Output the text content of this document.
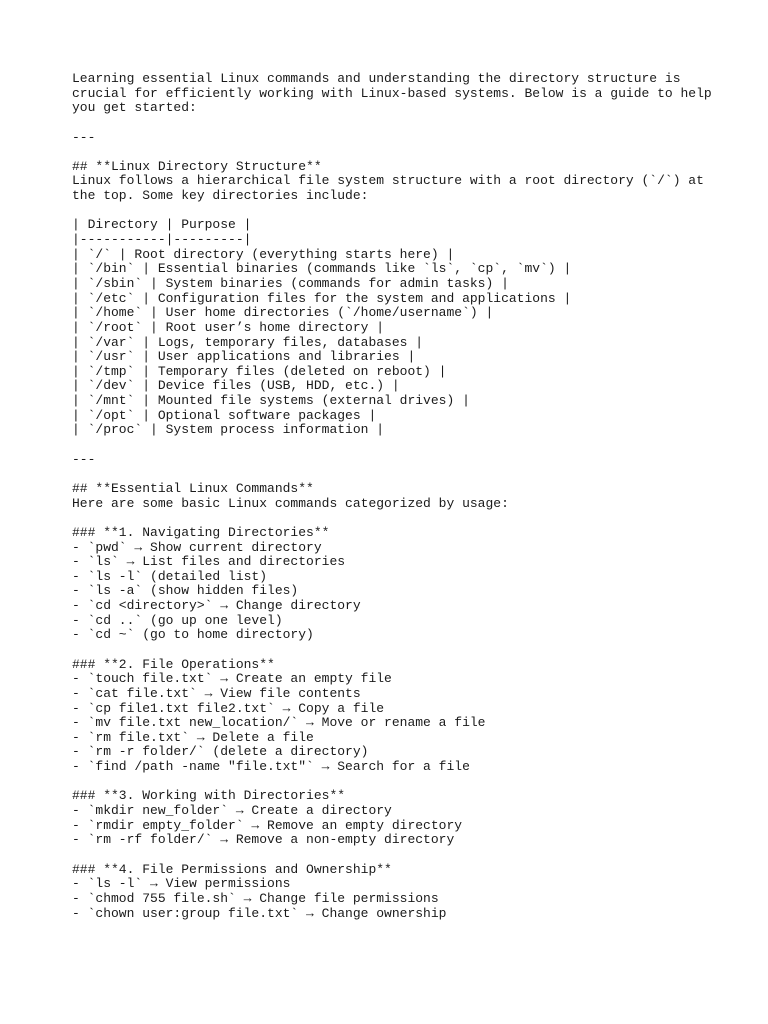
Learning essential Linux commands and understanding the directory structure is
crucial for efficiently working with Linux-based systems. Below is a guide to help
you get started:
---
## **Linux Directory Structure**
Linux follows a hierarchical file system structure with a root directory (`/`) at
the top. Some key directories include:
| Directory | Purpose |
|-----------|---------|
| `/` | Root directory (everything starts here) |
| `/bin` | Essential binaries (commands like `ls`, `cp`, `mv`) |
| `/sbin` | System binaries (commands for admin tasks) |
| `/etc` | Configuration files for the system and applications |
| `/home` | User home directories (`/home/username`) |
| `/root` | Root user’s home directory |
| `/var` | Logs, temporary files, databases |
| `/usr` | User applications and libraries |
| `/tmp` | Temporary files (deleted on reboot) |
| `/dev` | Device files (USB, HDD, etc.) |
| `/mnt` | Mounted file systems (external drives) |
| `/opt` | Optional software packages |
| `/proc` | System process information |
---
## **Essential Linux Commands**
Here are some basic Linux commands categorized by usage:
### **1. Navigating Directories**
- `pwd` → Show current directory
- `ls` → List files and directories
- `ls -l` (detailed list)
- `ls -a` (show hidden files)
- `cd <directory>` → Change directory
- `cd ..` (go up one level)
- `cd ~` (go to home directory)
### **2. File Operations**
- `touch file.txt` → Create an empty file
- `cat file.txt` → View file contents
- `cp file1.txt file2.txt` → Copy a file
- `mv file.txt new_location/` → Move or rename a file
- `rm file.txt` → Delete a file
- `rm -r folder/` (delete a directory)
- `find /path -name "file.txt"` → Search for a file
### **3. Working with Directories**
- `mkdir new_folder` → Create a directory
- `rmdir empty_folder` → Remove an empty directory
- `rm -rf folder/` → Remove a non-empty directory
### **4. File Permissions and Ownership**
- `ls -l` → View permissions
- `chmod 755 file.sh` → Change file permissions
- `chown user:group file.txt` → Change ownership
